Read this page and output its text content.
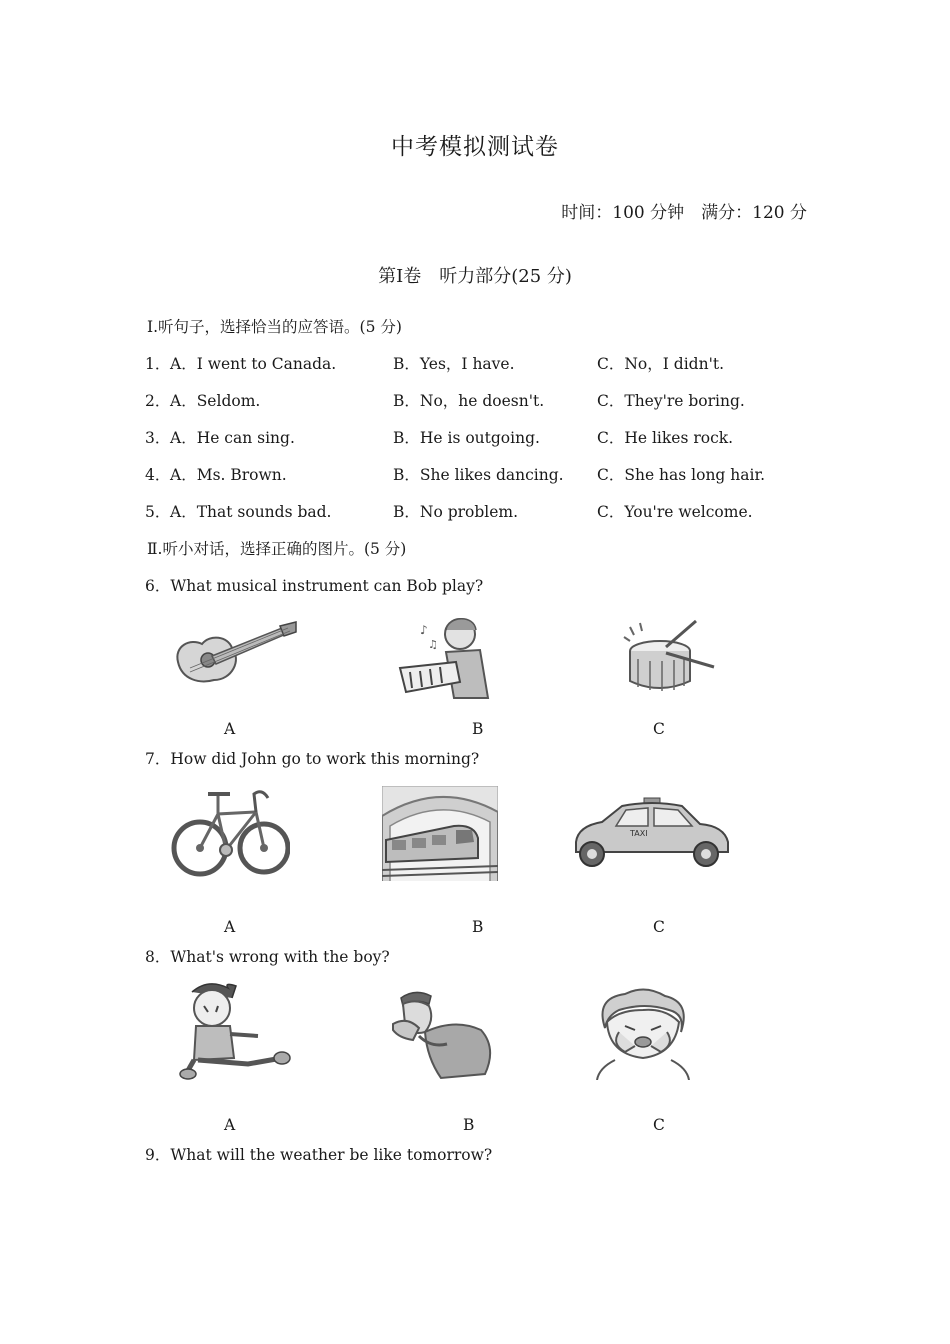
中考模拟测试卷
时间：100 分钟　满分：120 分
第Ⅰ卷　听力部分(25 分)
Ⅰ.听句子，选择恰当的应答语。(5 分)
1． A．I went to Canada.	B．Yes，I have.	C．No，I didn't.
2． A．Seldom.	B．No，he doesn't.	C．They're boring.
3． A．He can sing.	B．He is outgoing.	C．He likes rock.
4． A．Ms. Brown.	B．She likes dancing. C．She has long hair.
5． A．That sounds bad.	B．No problem.	C．You're welcome.
Ⅱ.听小对话，选择正确的图片。(5 分)
6．What musical instrument can Bob play?
♪
♫
A	B	C
7．How did John go to work this morning?
TAXI
A	B	C
8．What's wrong with the boy?
A	B	C
9．What will the weather be like tomorrow?
